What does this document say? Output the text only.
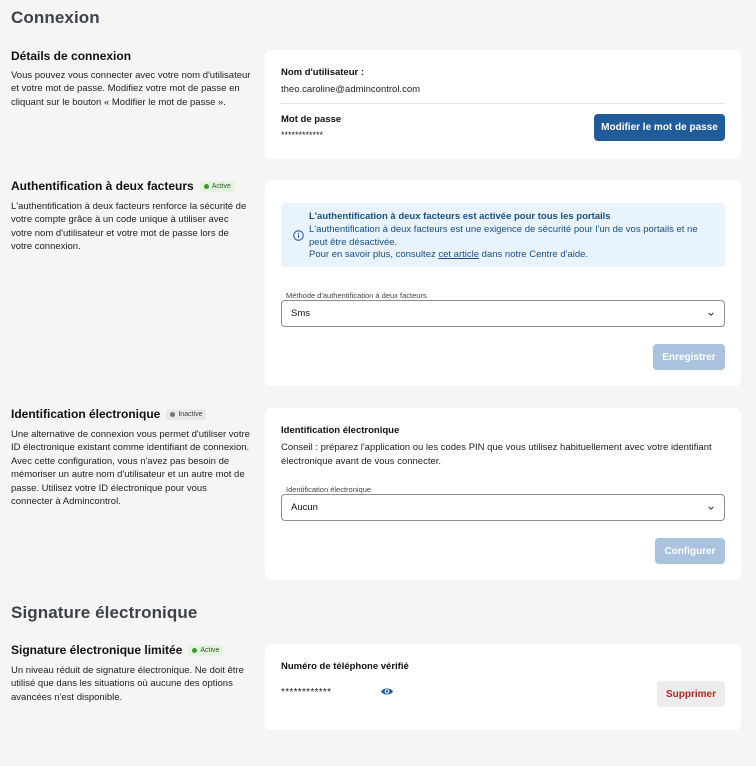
Connexion
Détails de connexion
Vous pouvez vous connecter avec votre nom d'utilisateur et votre mot de passe. Modifiez votre mot de passe en cliquant sur le bouton « Modifier le mot de passe ».
Nom d'utilisateur :
theo.caroline@admincontrol.com
Mot de passe
************
Modifier le mot de passe
Authentification à deux facteurs	Active
L'authentification à deux facteurs renforce la sécurité de votre compte grâce à un code unique à utiliser avec votre nom d'utilisateur et votre mot de passe lors de votre connexion.
L'authentification à deux facteurs est activée pour tous les portails
L'authentification à deux facteurs est une exigence de sécurité pour l'un de vos portails et ne peut être désactivée.
Pour en savoir plus, consultez cet article dans notre Centre d'aide.
Méthode d'authentification à deux facteurs
Sms
Enregistrer
Identification électronique	Inactive
Une alternative de connexion vous permet d'utiliser votre ID électronique existant comme identifiant de connexion. Avec cette configuration, vous n'avez pas besoin de mémoriser un autre nom d'utilisateur et un autre mot de passe. Utilisez votre ID électronique pour vous connecter à Admincontrol.
Identification électronique
Conseil : préparez l'application ou les codes PIN que vous utilisez habituellement avec votre identifiant électronique avant de vous connecter.
Identification électronique
Aucun
Configurer
Signature électronique
Signature électronique limitée	Active
Un niveau réduit de signature électronique. Ne doit être utilisé que dans les situations où aucune des options avancées n'est disponible.
Numéro de téléphone vérifié
************	Supprimer
